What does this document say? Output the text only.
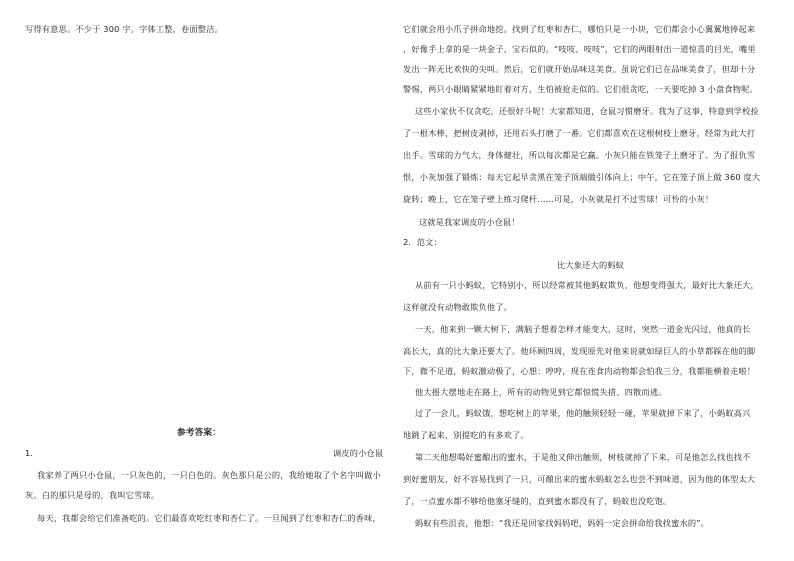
写得有意思。不少于 300 字。字体工整，卷面整洁。
参考答案：
1．	调皮的小仓鼠
我家养了两只小仓鼠，一只灰色的，一只白色的。灰色那只是公的，我给她取了个名字叫做小
灰。白的那只是母的，我叫它雪球。
每天，我都会给它们准备吃的。它们最喜欢吃红枣和杏仁了。一旦闻到了红枣和杏仁的香味，
它们就会用小爪子拼命地挖。找到了红枣和杏仁，哪怕只是一小块，它们都会小心翼翼地捧起来
，好像手上拿的是一块金子、宝石似的。“吱吱、吱吱”，它们的两眼射出一道惊喜的目光，嘴里
发出一阵无比欢快的尖叫。然后，它们就开始品味这美食。虽说它们已在品味美食了，但却十分
警惕，两只小眼睛紧紧地盯着对方，生怕被抢走似的。它们很贪吃，一天要吃掉 3 小盘食物呢。
这些小家伙不仅贪吃，还很好斗呢！大家都知道，仓鼠习惯磨牙。我为了这事，特意到学校捡
了一根木棒，把树皮剥掉，还用石头打磨了一番。它们都喜欢在这根树枝上磨牙，经常为此大打
出手。雪球的力气大，身体健壮，所以每次都是它赢。小灰只能在铁笼子上磨牙了。为了报仇雪
恨，小灰加强了锻炼：每天它起早贪黑在笼子顶端做引体向上；中午，它在笼子顶上做 360 度大
旋转；晚上，它在笼子壁上练习爬杆……可是，小灰就是打不过雪球！可怜的小灰！
这就是我家调皮的小仓鼠！
2．范文：
比大象还大的蚂蚁
从前有一只小蚂蚁，它特别小，所以经常被其他蚂蚁欺负，他想变得强大，最好比大象还大，
这样就没有动物敢欺负他了。
一天，他来到一颗大树下，满脑子想着怎样才能变大，这时，突然一道金光闪过，他真的长
高长大，真的比大象还要大了。他环顾四周，发现原先对他来说就如绿巨人的小草都踩在他的脚
下，微不足道，蚂蚁激动极了，心想：哼哼，现在连食肉动物都会怕我三分，我都能横着走啦！
他大摇大摆地走在路上，所有的动物见到它都惊慌失措、四散而逃。
过了一会儿，蚂蚁饿，想吃树上的苹果，他的触须轻轻一碰，苹果就掉下来了，小蚂蚁高兴
地跳了起来，别提吃的有多欢了。
第二天他想喝好蜜酿出的蜜水，于是他又伸出触须，树枝就掉了下来，可是他怎么找也找不
到好蜜朋友，好不容易找到了一只，可酿出来的蜜水蚂蚁怎么也尝不到味道，因为他的体型太大
了，一点蜜水都不够给他塞牙缝的，直到蜜水都没有了，蚂蚁也没吃饱。
蚂蚁有些沮丧，他想：“我还是回家找妈妈吧，妈妈一定会拼命给我找蜜水的”。
